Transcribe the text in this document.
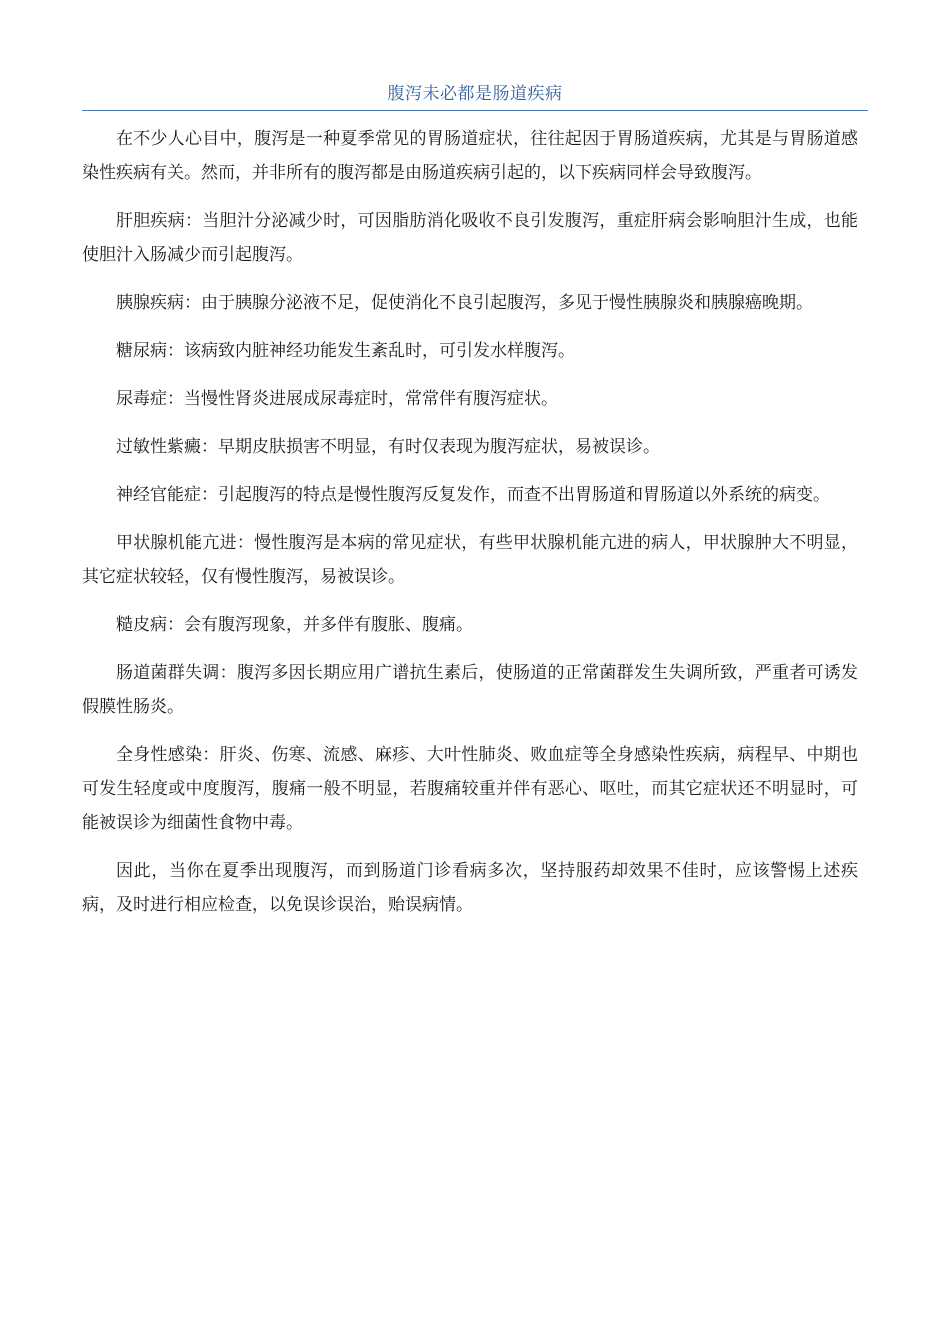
腹泻未必都是肠道疾病

在不少人心目中，腹泻是一种夏季常见的胃肠道症状，往往起因于胃肠道疾病，尤其是与胃肠道感染性疾病有关。然而，并非所有的腹泻都是由肠道疾病引起的，以下疾病同样会导致腹泻。

肝胆疾病：当胆汁分泌减少时，可因脂肪消化吸收不良引发腹泻，重症肝病会影响胆汁生成，也能使胆汁入肠减少而引起腹泻。

胰腺疾病：由于胰腺分泌液不足，促使消化不良引起腹泻，多见于慢性胰腺炎和胰腺癌晚期。

糖尿病：该病致内脏神经功能发生紊乱时，可引发水样腹泻。

尿毒症：当慢性肾炎进展成尿毒症时，常常伴有腹泻症状。

过敏性紫癜：早期皮肤损害不明显，有时仅表现为腹泻症状，易被误诊。

神经官能症：引起腹泻的特点是慢性腹泻反复发作，而查不出胃肠道和胃肠道以外系统的病变。

甲状腺机能亢进：慢性腹泻是本病的常见症状，有些甲状腺机能亢进的病人，甲状腺肿大不明显，其它症状较轻，仅有慢性腹泻，易被误诊。

糙皮病：会有腹泻现象，并多伴有腹胀、腹痛。

肠道菌群失调：腹泻多因长期应用广谱抗生素后，使肠道的正常菌群发生失调所致，严重者可诱发假膜性肠炎。

全身性感染：肝炎、伤寒、流感、麻疹、大叶性肺炎、败血症等全身感染性疾病，病程早、中期也可发生轻度或中度腹泻，腹痛一般不明显，若腹痛较重并伴有恶心、呕吐，而其它症状还不明显时，可能被误诊为细菌性食物中毒。

因此，当你在夏季出现腹泻，而到肠道门诊看病多次，坚持服药却效果不佳时，应该警惕上述疾病，及时进行相应检查，以免误诊误治，贻误病情。
